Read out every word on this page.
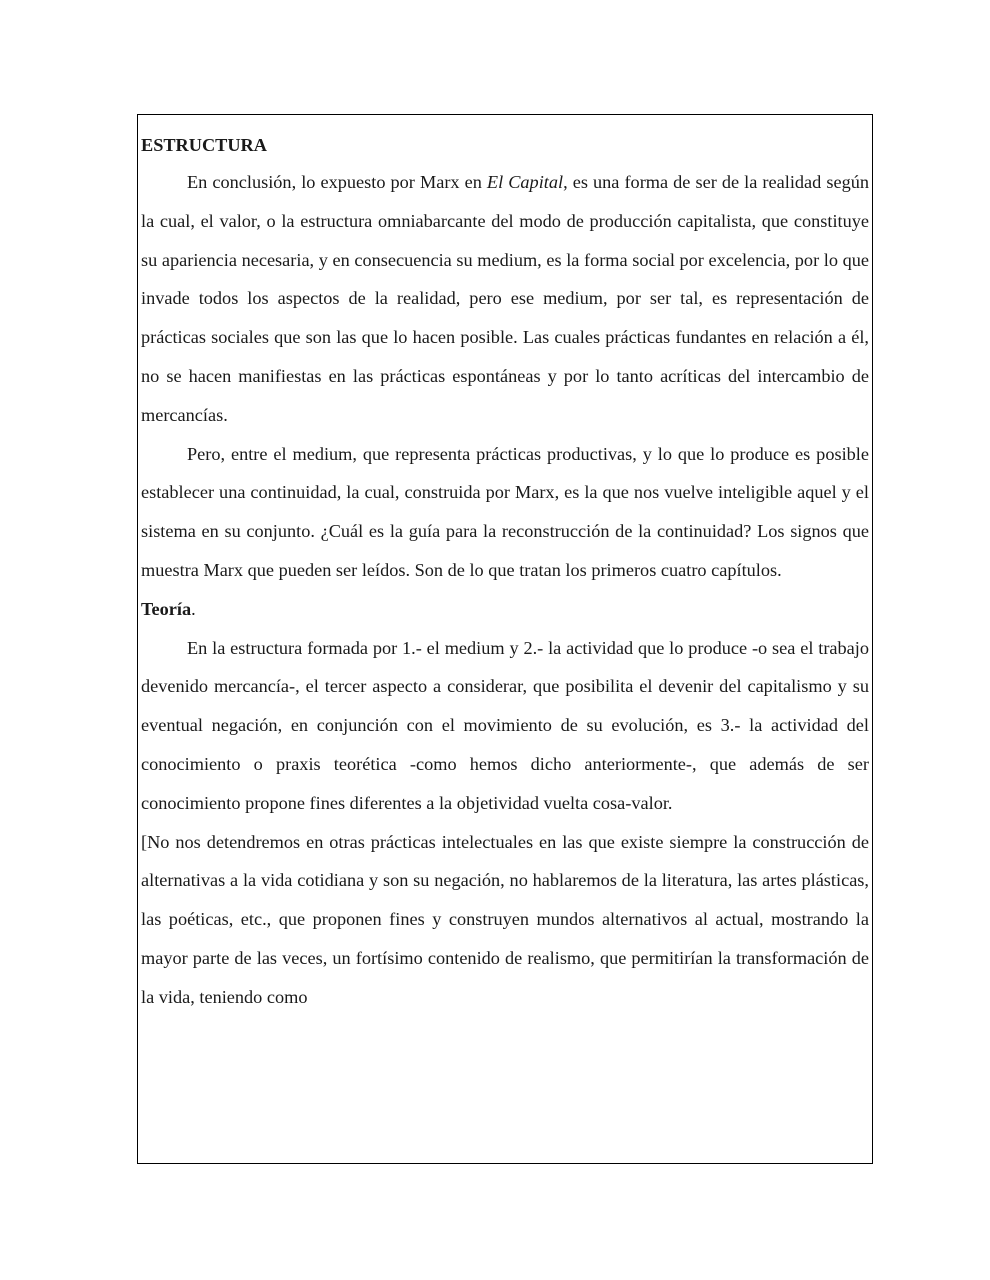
ESTRUCTURA

En conclusión, lo expuesto por Marx en El Capital, es una forma de ser de la realidad según la cual, el valor, o la estructura omniabarcante del modo de producción capitalista, que constituye su apariencia necesaria, y en consecuencia su medium, es la forma social por excelencia, por lo que invade todos los aspectos de la realidad, pero ese medium, por ser tal, es representación de prácticas sociales que son las que lo hacen posible. Las cuales prácticas fundantes en relación a él, no se hacen manifiestas en las prácticas espontáneas y por lo tanto acríticas del intercambio de mercancías.

Pero, entre el medium, que representa prácticas productivas, y lo que lo produce es posible establecer una continuidad, la cual, construida por Marx, es la que nos vuelve inteligible aquel y el sistema en su conjunto. ¿Cuál es la guía para la reconstrucción de la continuidad? Los signos que muestra Marx que pueden ser leídos. Son de lo que tratan los primeros cuatro capítulos.

Teoría.

En la estructura formada por 1.- el medium y 2.- la actividad que lo produce -o sea el trabajo devenido mercancía-, el tercer aspecto a considerar, que posibilita el devenir del capitalismo y su eventual negación, en conjunción con el movimiento de su evolución, es 3.- la actividad del conocimiento o praxis teorética -como hemos dicho anteriormente-, que además de ser conocimiento propone fines diferentes a la objetividad vuelta cosa-valor.

[No nos detendremos en otras prácticas intelectuales en las que existe siempre la construcción de alternativas a la vida cotidiana y son su negación, no hablaremos de la literatura, las artes plásticas, las poéticas, etc., que proponen fines y construyen mundos alternativos al actual, mostrando la mayor parte de las veces, un fortísimo contenido de realismo, que permitirían la transformación de la vida, teniendo como
